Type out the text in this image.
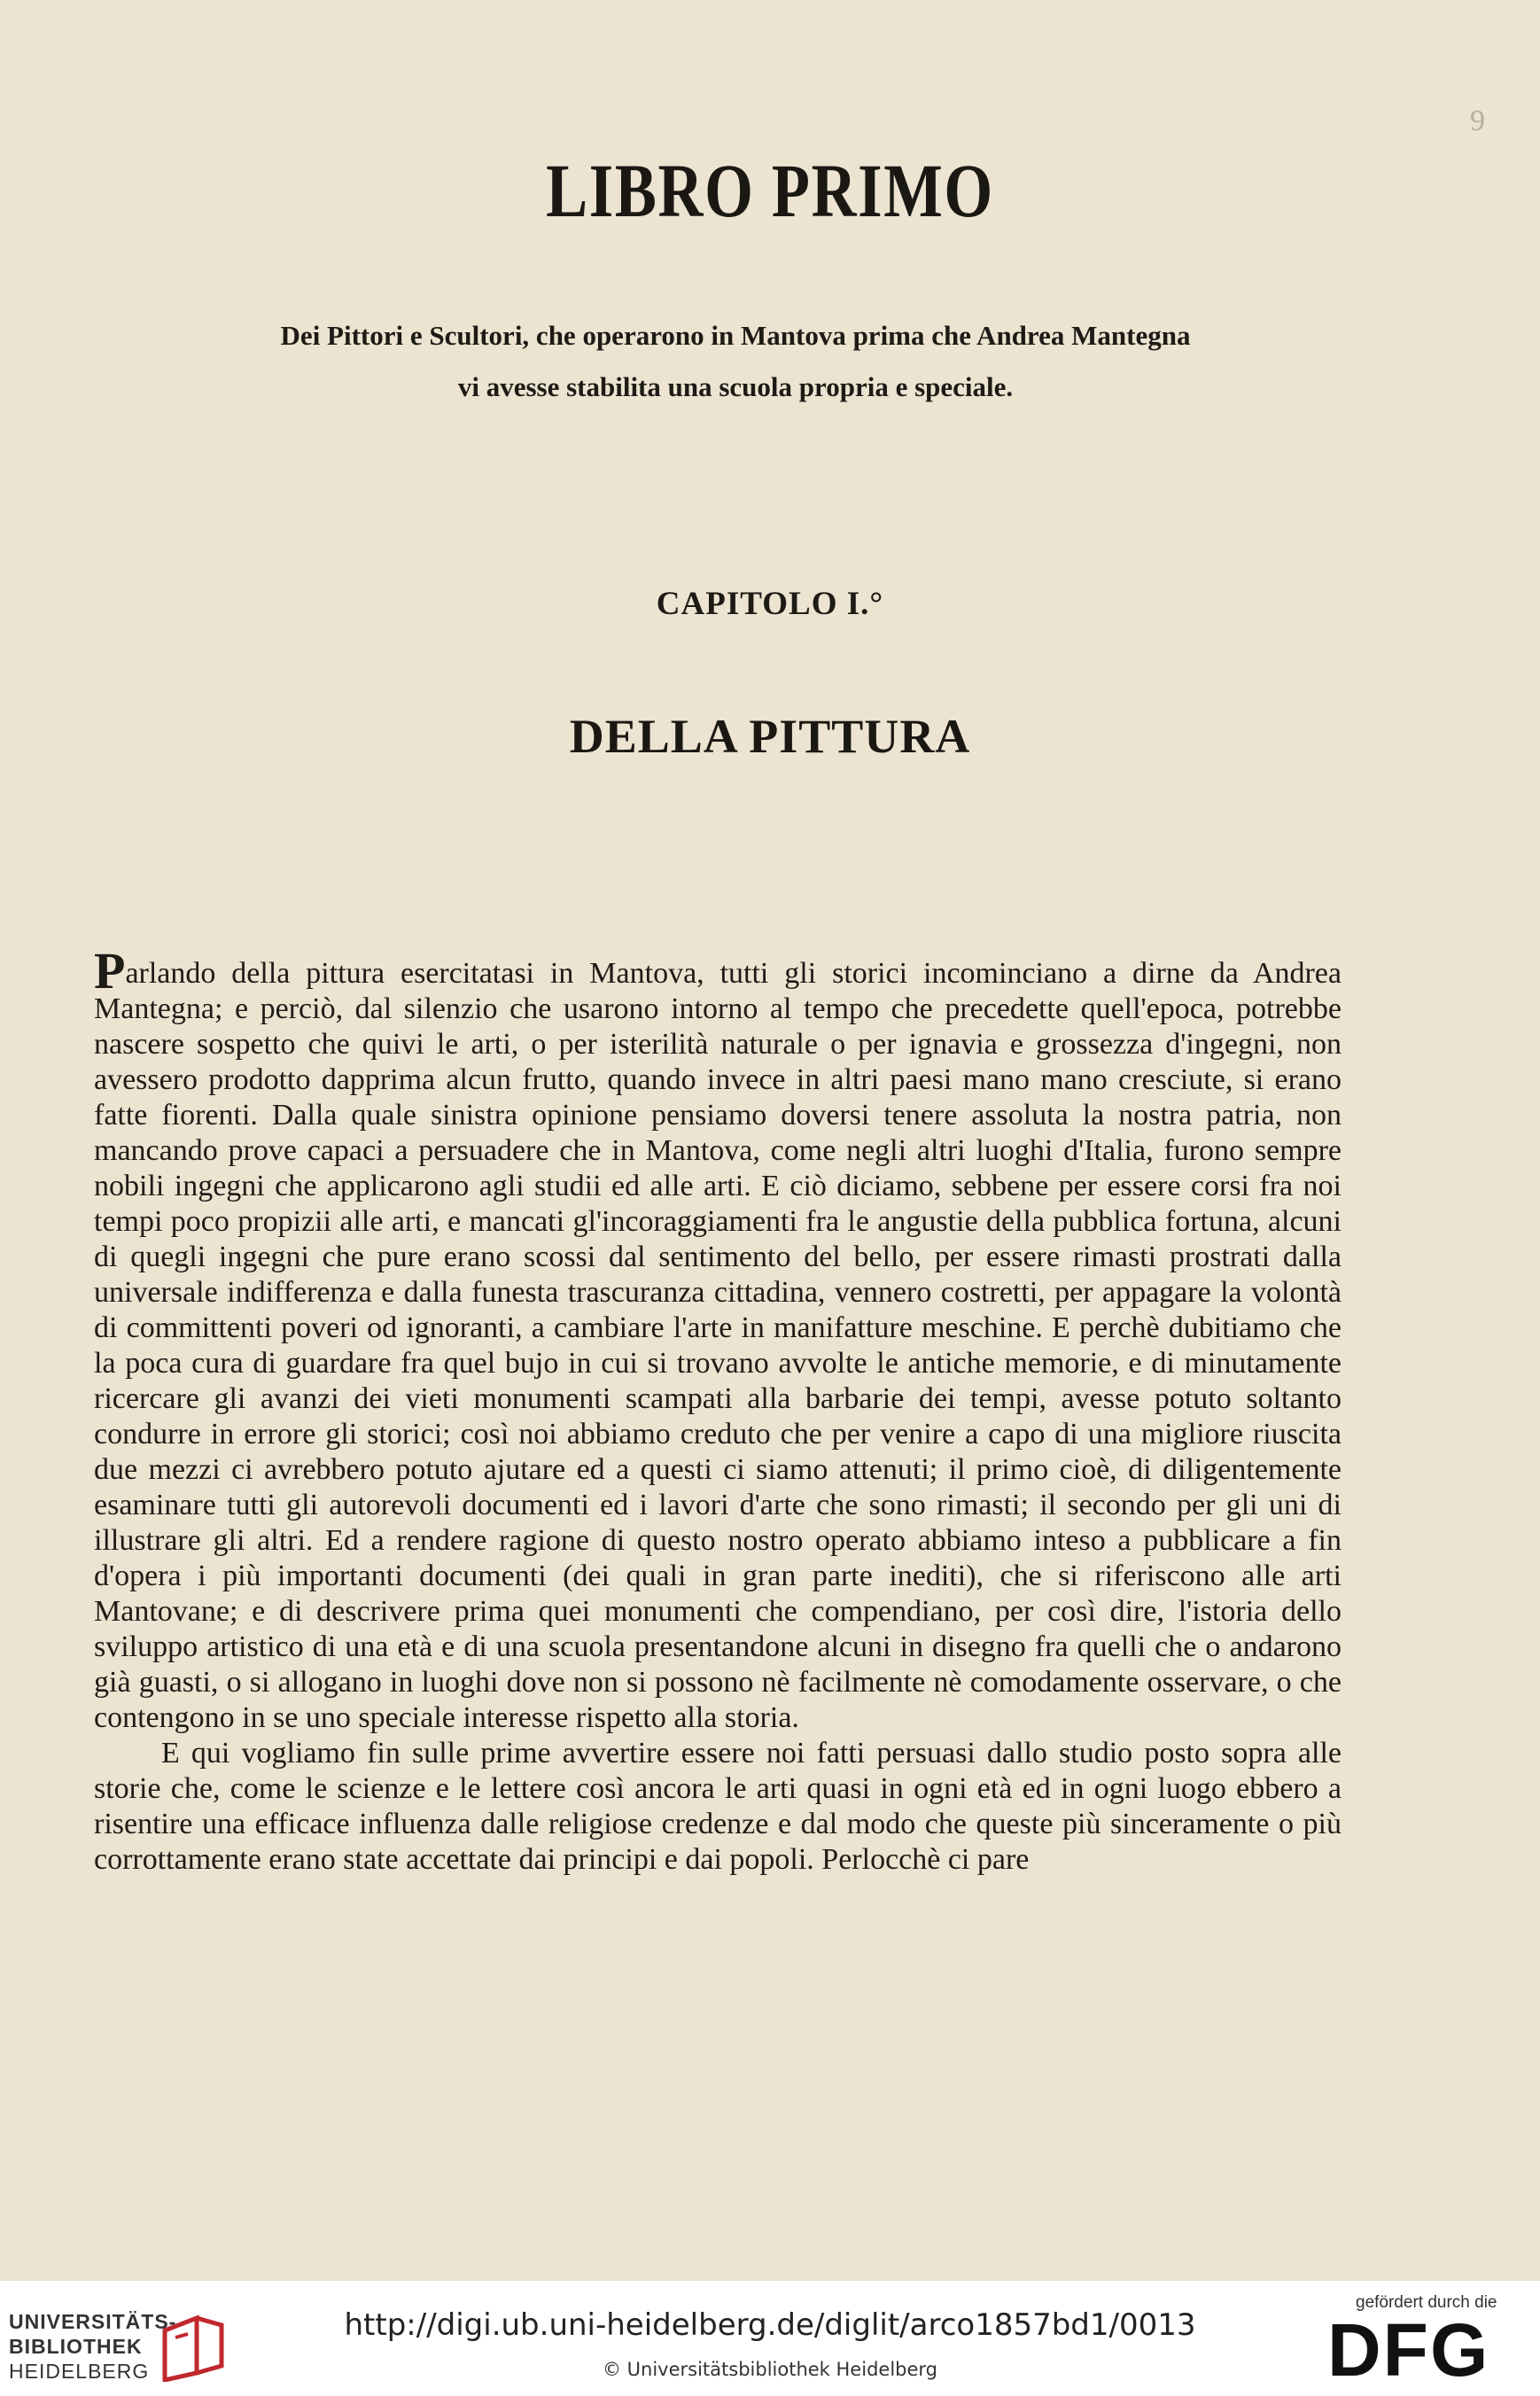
9
LIBRO PRIMO
Dei Pittori e Scultori, che operarono in Mantova prima che Andrea Mantegna
vi avesse stabilita una scuola propria e speciale.
CAPITOLO I.°
DELLA PITTURA

Parlando della pittura esercitatasi in Mantova, tutti gli storici incominciano a dirne da Andrea Mantegna; e perciò, dal silenzio che usarono intorno al tempo che precedette quell'epoca, potrebbe nascere sospetto che quivi le arti, o per isterilità naturale o per ignavia e grossezza d'ingegni, non avessero prodotto dapprima alcun frutto, quando invece in altri paesi mano mano cresciute, si erano fatte fiorenti. Dalla quale sinistra opinione pensiamo doversi tenere assoluta la nostra patria, non mancando prove capaci a persuadere che in Mantova, come negli altri luoghi d'Italia, furono sempre nobili ingegni che applicarono agli studii ed alle arti. E ciò diciamo, sebbene per essere corsi fra noi tempi poco propizii alle arti, e mancati gl'incoraggiamenti fra le angustie della pubblica fortuna, alcuni di quegli ingegni che pure erano scossi dal sentimento del bello, per essere rimasti prostrati dalla universale indifferenza e dalla funesta trascuranza cittadina, vennero costretti, per appagare la volontà di committenti poveri od ignoranti, a cambiare l'arte in manifatture meschine. E perchè dubitiamo che la poca cura di guardare fra quel bujo in cui si trovano avvolte le antiche memorie, e di minutamente ricercare gli avanzi dei vieti monumenti scampati alla barbarie dei tempi, avesse potuto soltanto condurre in errore gli storici; così noi abbiamo creduto che per venire a capo di una migliore riuscita due mezzi ci avrebbero potuto ajutare ed a questi ci siamo attenuti; il primo cioè, di diligentemente esaminare tutti gli autorevoli documenti ed i lavori d'arte che sono rimasti; il secondo per gli uni di illustrare gli altri. Ed a rendere ragione di questo nostro operato abbiamo inteso a pubblicare a fin d'opera i più importanti documenti (dei quali in gran parte inediti), che si riferiscono alle arti Mantovane; e di descrivere prima quei monumenti che compendiano, per così dire, l'istoria dello sviluppo artistico di una età e di una scuola presentandone alcuni in disegno fra quelli che o andarono già guasti, o si allogano in luoghi dove non si possono nè facilmente nè comodamente osservare, o che contengono in se uno speciale interesse rispetto alla storia.

E qui vogliamo fin sulle prime avvertire essere noi fatti persuasi dallo studio posto sopra alle storie che, come le scienze e le lettere così ancora le arti quasi in ogni età ed in ogni luogo ebbero a risentire una efficace influenza dalle religiose credenze e dal modo che queste più sinceramente o più corrottamente erano state accettate dai principi e dai popoli. Perlocchè ci pare

UNIVERSITÄTS-
BIBLIOTHEK
HEIDELBERG
http://digi.ub.uni-heidelberg.de/diglit/arco1857bd1/0013
© Universitätsbibliothek Heidelberg
gefördert durch die
DFG
